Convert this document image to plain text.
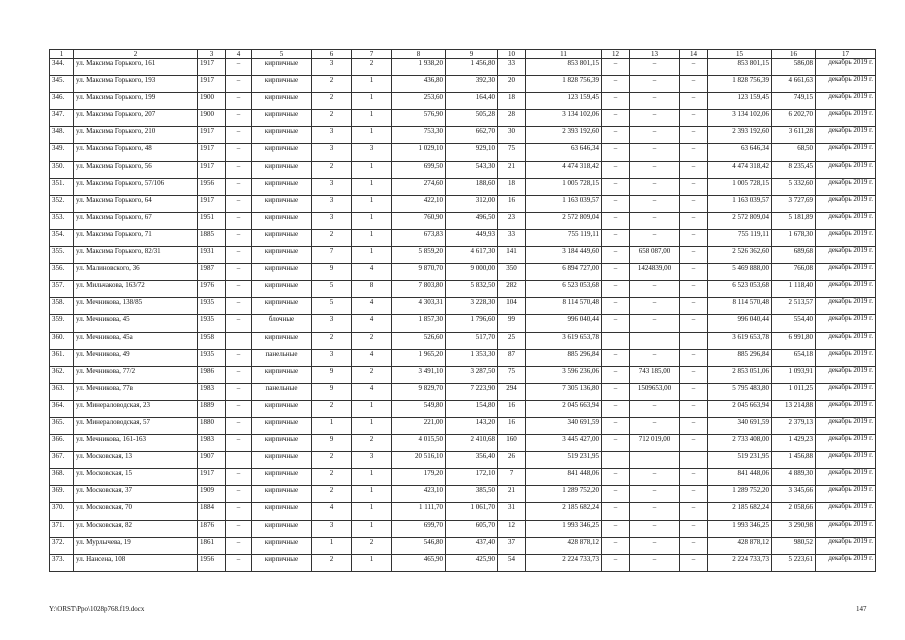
1	2	3	4	5	6	7	8	9	10	11	12	13	14	15	16	17
344.	ул. Максима Горького, 161	1917	–	кирпичные	3	2	1 938,20	1 456,80	33	853 801,15	–	–	–	853 801,15	586,08	декабрь 2019 г.
345.	ул. Максима Горького, 193	1917	–	кирпичные	2	1	436,80	392,30	20	1 828 756,39	–	–	–	1 828 756,39	4 661,63	декабрь 2019 г.
346.	ул. Максима Горького, 199	1900	–	кирпичные	2	1	253,60	164,40	18	123 159,45	–	–	–	123 159,45	749,15	декабрь 2019 г.
347.	ул. Максима Горького, 207	1900	–	кирпичные	2	1	576,90	505,28	28	3 134 102,06	–	–	–	3 134 102,06	6 202,70	декабрь 2019 г.
348.	ул. Максима Горького, 210	1917	–	кирпичные	3	1	753,30	662,70	30	2 393 192,60	–	–	–	2 393 192,60	3 611,28	декабрь 2019 г.
349.	ул. Максима Горького, 48	1917	–	кирпичные	3	3	1 029,10	929,10	75	63 646,34	–	–	–	63 646,34	68,50	декабрь 2019 г.
350.	ул. Максима Горького, 56	1917	–	кирпичные	2	1	699,50	543,30	21	4 474 318,42	–	–	–	4 474 318,42	8 235,45	декабрь 2019 г.
351.	ул. Максима Горького, 57/106	1956	–	кирпичные	3	1	274,60	188,60	18	1 005 728,15	–	–	–	1 005 728,15	5 332,60	декабрь 2019 г.
352.	ул. Максима Горького, 64	1917	–	кирпичные	3	1	422,10	312,00	16	1 163 039,57	–	–	–	1 163 039,57	3 727,69	декабрь 2019 г.
353.	ул. Максима Горького, 67	1951	–	кирпичные	3	1	760,90	496,50	23	2 572 809,04	–	–	–	2 572 809,04	5 181,89	декабрь 2019 г.
354.	ул. Максима Горького, 71	1885	–	кирпичные	2	1	673,83	449,93	33	755 119,11	–	–	–	755 119,11	1 678,30	декабрь 2019 г.
355.	ул. Максима Горького, 82/31	1931	–	кирпичные	7	1	5 859,20	4 617,30	141	3 184 449,60	–	658 087,00	–	2 526 362,60	689,68	декабрь 2019 г.
356.	ул. Малиновского, 36	1987	–	кирпичные	9	4	9 870,70	9 000,00	350	6 894 727,00	–	1424839,00	–	5 469 888,00	766,08	декабрь 2019 г.
357.	ул. Мильчакова, 163/72	1976	–	кирпичные	5	8	7 803,80	5 832,50	282	6 523 053,68	–	–	–	6 523 053,68	1 118,40	декабрь 2019 г.
358.	ул. Мечникова, 138/85	1935	–	кирпичные	5	4	4 303,31	3 228,30	104	8 114 570,48	–	–	–	8 114 570,48	2 513,57	декабрь 2019 г.
359.	ул. Мечникова, 45	1935	–	блочные	3	4	1 857,30	1 796,60	99	996 040,44	–	–	–	996 040,44	554,40	декабрь 2019 г.
360.	ул. Мечникова, 45а	1958		кирпичные	2	2	526,60	517,70	25	3 619 653,78				3 619 653,78	6 991,80	декабрь 2019 г.
361.	ул. Мечникова, 49	1935	–	панельные	3	4	1 965,20	1 353,30	87	885 296,84	–	–	–	885 296,84	654,18	декабрь 2019 г.
362.	ул. Мечникова, 77/2	1986	–	кирпичные	9	2	3 491,10	3 287,50	75	3 596 236,06	–	743 185,00	–	2 853 051,06	1 093,91	декабрь 2019 г.
363.	ул. Мечникова, 77в	1983	–	панельные	9	4	9 829,70	7 223,90	294	7 305 136,80	–	1509653,00	–	5 795 483,80	1 011,25	декабрь 2019 г.
364.	ул. Минераловодская, 23	1889	–	кирпичные	2	1	549,80	154,80	16	2 045 663,94	–	–	–	2 045 663,94	13 214,88	декабрь 2019 г.
365.	ул. Минераловодская, 57	1880	–	кирпичные	1	1	221,00	143,20	16	340 691,59	–	–	–	340 691,59	2 379,13	декабрь 2019 г.
366.	ул. Мечникова, 161-163	1983	–	кирпичные	9	2	4 015,50	2 410,68	160	3 445 427,00	–	712 019,00	–	2 733 408,00	1 429,23	декабрь 2019 г.
367.	ул. Московская, 13	1907		кирпичные	2	3	20 516,10	356,40	26	519 231,95				519 231,95	1 456,88	декабрь 2019 г.
368.	ул. Московская, 15	1917	–	кирпичные	2	1	179,20	172,10	7	841 448,06	–	–	–	841 448,06	4 889,30	декабрь 2019 г.
369.	ул. Московская, 37	1909	–	кирпичные	2	1	423,10	385,50	21	1 289 752,20	–	–	–	1 289 752,20	3 345,66	декабрь 2019 г.
370.	ул. Московская, 70	1884	–	кирпичные	4	1	1 111,70	1 061,70	31	2 185 682,24	–	–	–	2 185 682,24	2 058,66	декабрь 2019 г.
371.	ул. Московская, 82	1876	–	кирпичные	3	1	699,70	605,70	12	1 993 346,25	–	–	–	1 993 346,25	3 290,98	декабрь 2019 г.
372.	ул. Мурлычева, 19	1861	–	кирпичные	1	2	546,80	437,40	37	428 878,12	–	–	–	428 878,12	980,52	декабрь 2019 г.
373.	ул. Нансена, 108	1956	–	кирпичные	2	1	465,90	425,90	54	2 224 733,73	–	–	–	2 224 733,73	5 223,61	декабрь 2019 г.
Y:\ORST\Ppo\1028p768.f19.docx	147
